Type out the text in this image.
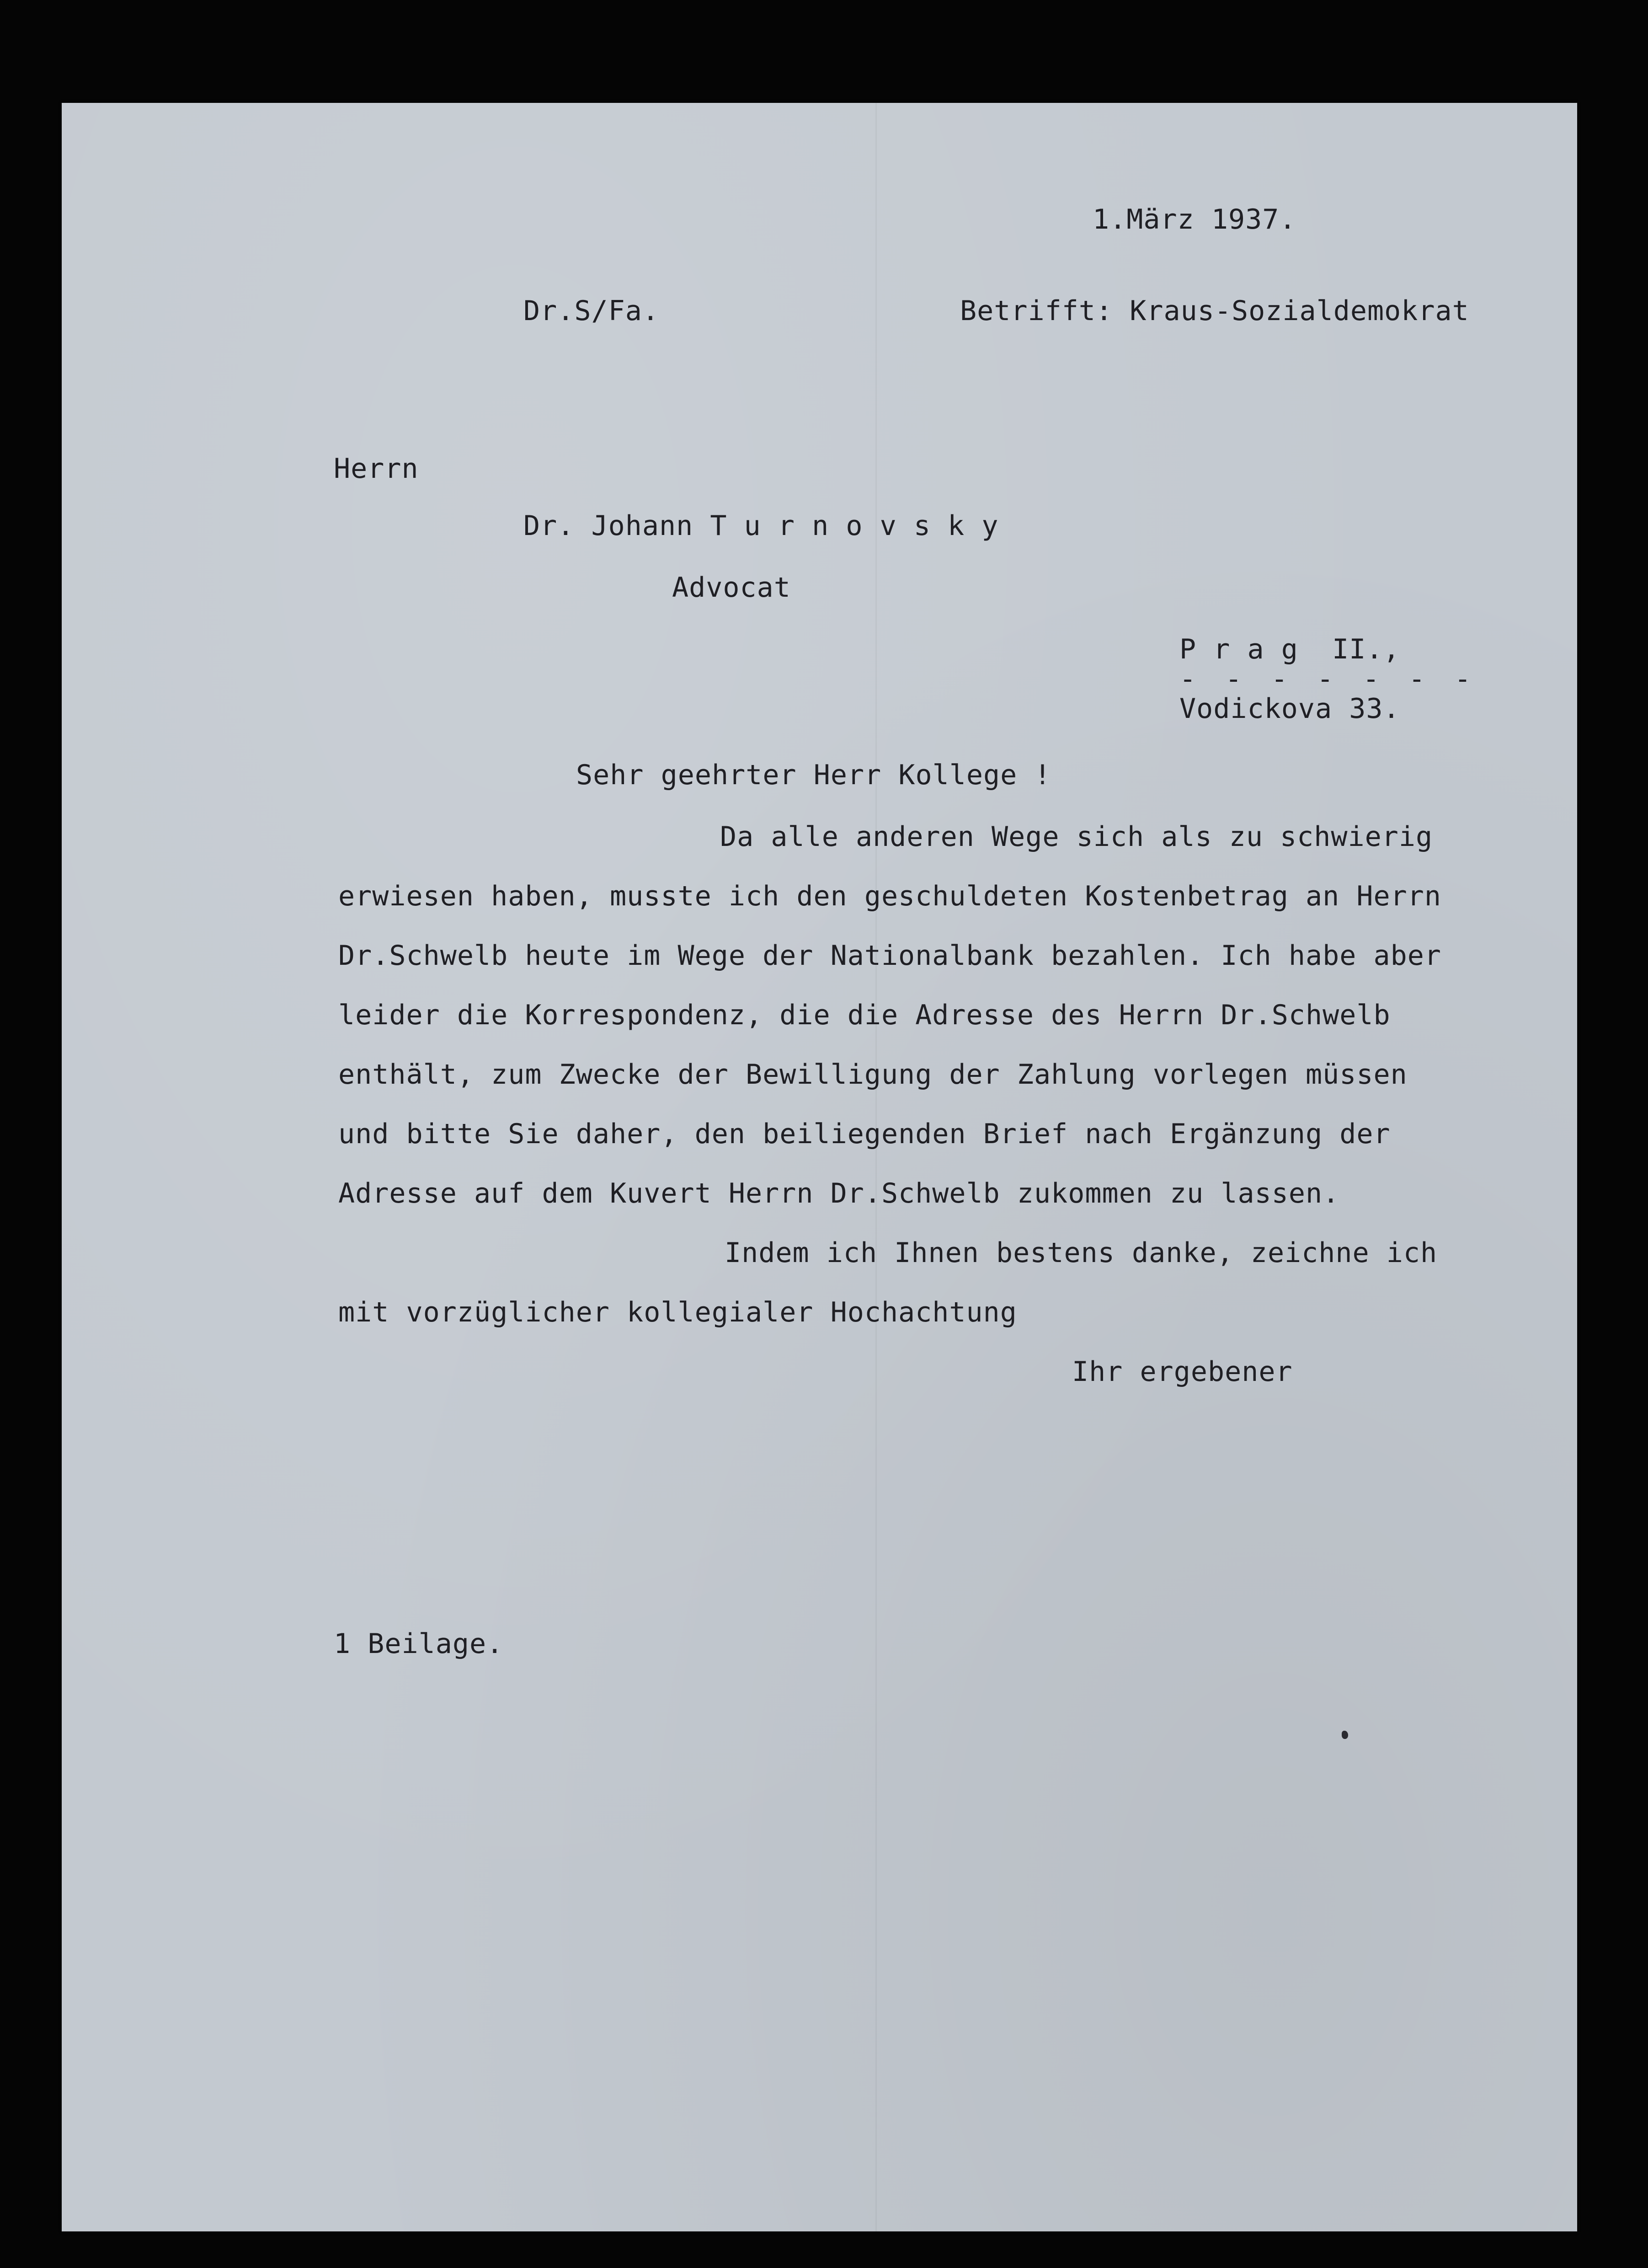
1.März 1937.
Dr.S/Fa.	Betrifft: Kraus-Sozialdemokrat
Herrn
Dr. Johann T u r n o v s k y
Advocat
P r a g  II.,
- - - - - - -
Vodickova 33.
Sehr geehrter Herr Kollege !
Da alle anderen Wege sich als zu schwierig
erwiesen haben, musste ich den geschuldeten Kostenbetrag an Herrn
Dr.Schwelb heute im Wege der Nationalbank bezahlen. Ich habe aber
leider die Korrespondenz, die die Adresse des Herrn Dr.Schwelb
enthält, zum Zwecke der Bewilligung der Zahlung vorlegen müssen
und bitte Sie daher, den beiliegenden Brief nach Ergänzung der
Adresse auf dem Kuvert Herrn Dr.Schwelb zukommen zu lassen.
Indem ich Ihnen bestens danke, zeichne ich
mit vorzüglicher kollegialer Hochachtung
Ihr ergebener
1 Beilage.
